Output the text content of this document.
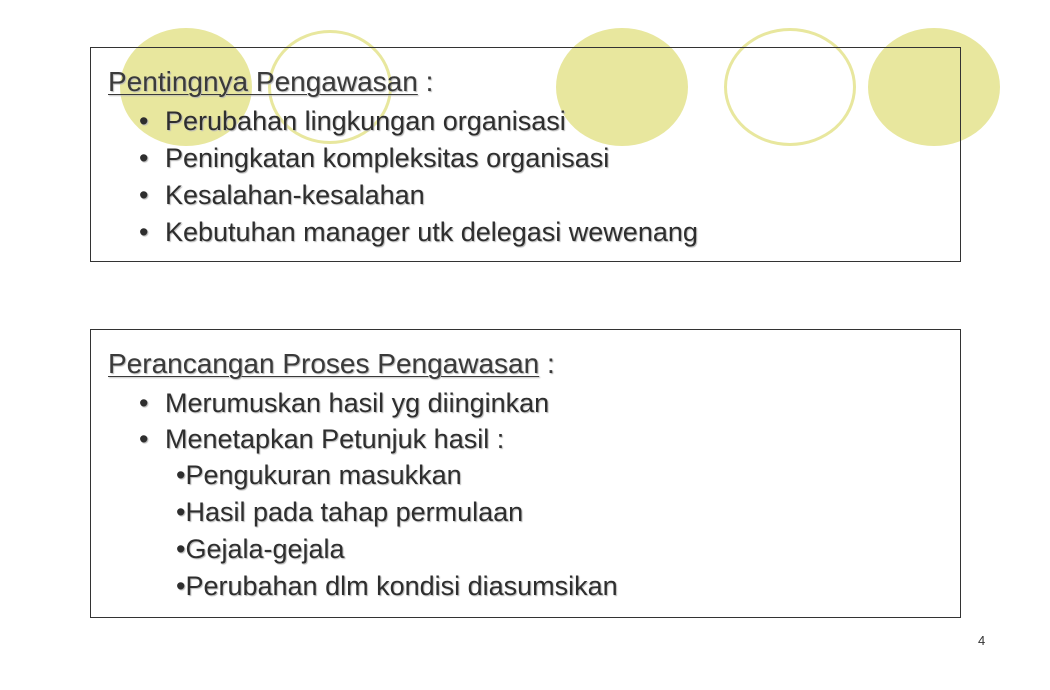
Pentingnya Pengawasan :
• Perubahan lingkungan organisasi
• Peningkatan kompleksitas organisasi
• Kesalahan-kesalahan
• Kebutuhan manager utk delegasi wewenang
Perancangan Proses Pengawasan :
• Merumuskan hasil yg diinginkan
• Menetapkan Petunjuk hasil :
•Pengukuran masukkan
•Hasil pada tahap permulaan
•Gejala-gejala
•Perubahan dlm kondisi diasumsikan
4
